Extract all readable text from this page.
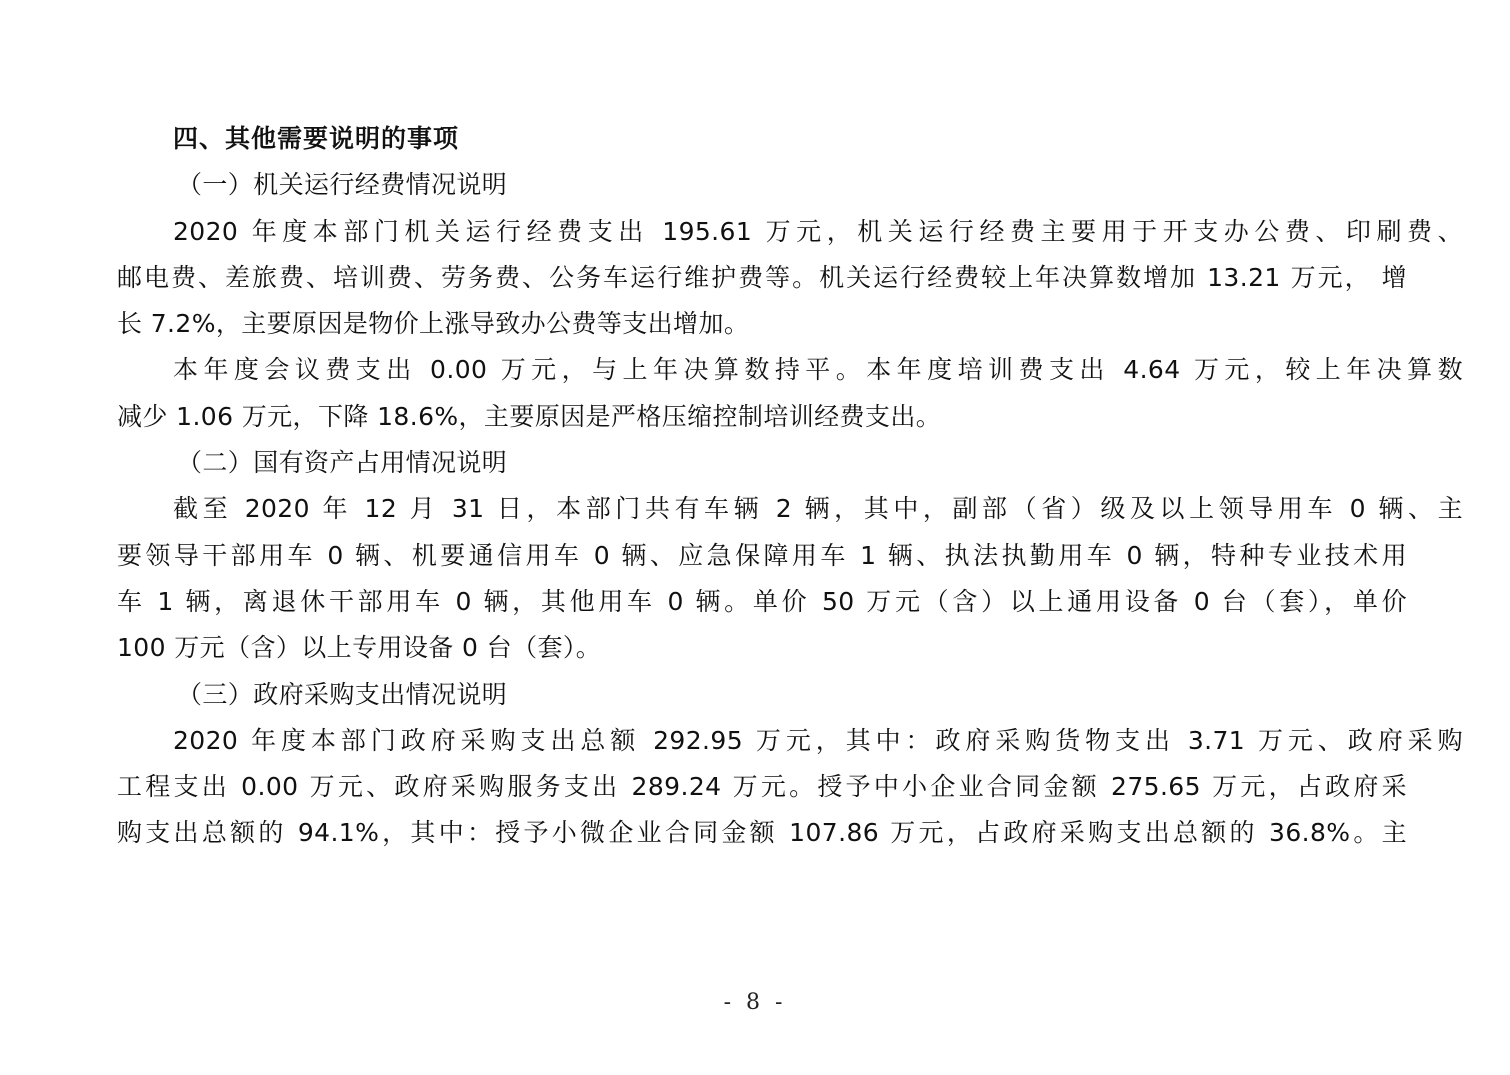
四、其他需要说明的事项
（一）机关运行经费情况说明
2020 年度本部门机关运行经费支出 195.61 万元，机关运行经费主要用于开支办公费、印刷费、
邮电费、差旅费、培训费、劳务费、公务车运行维护费等。机关运行经费较上年决算数增加 13.21 万元， 增
长 7.2%，主要原因是物价上涨导致办公费等支出增加。
本年度会议费支出 0.00 万元，与上年决算数持平。本年度培训费支出 4.64 万元，较上年决算数
减少 1.06 万元，下降 18.6%，主要原因是严格压缩控制培训经费支出。
（二）国有资产占用情况说明
截至 2020 年 12 月 31 日，本部门共有车辆 2 辆，其中，副部（省）级及以上领导用车 0 辆、主
要领导干部用车 0 辆、机要通信用车 0 辆、应急保障用车 1 辆、执法执勤用车 0 辆，特种专业技术用
车 1 辆，离退休干部用车 0 辆，其他用车 0 辆。单价 50 万元（含）以上通用设备 0 台（套），单价
100 万元（含）以上专用设备 0 台（套）。
（三）政府采购支出情况说明
2020 年度本部门政府采购支出总额 292.95 万元，其中：政府采购货物支出 3.71 万元、政府采购
工程支出 0.00 万元、政府采购服务支出 289.24 万元。授予中小企业合同金额 275.65 万元，占政府采
购支出总额的 94.1%，其中：授予小微企业合同金额 107.86 万元，占政府采购支出总额的 36.8%。主
- 8 -
